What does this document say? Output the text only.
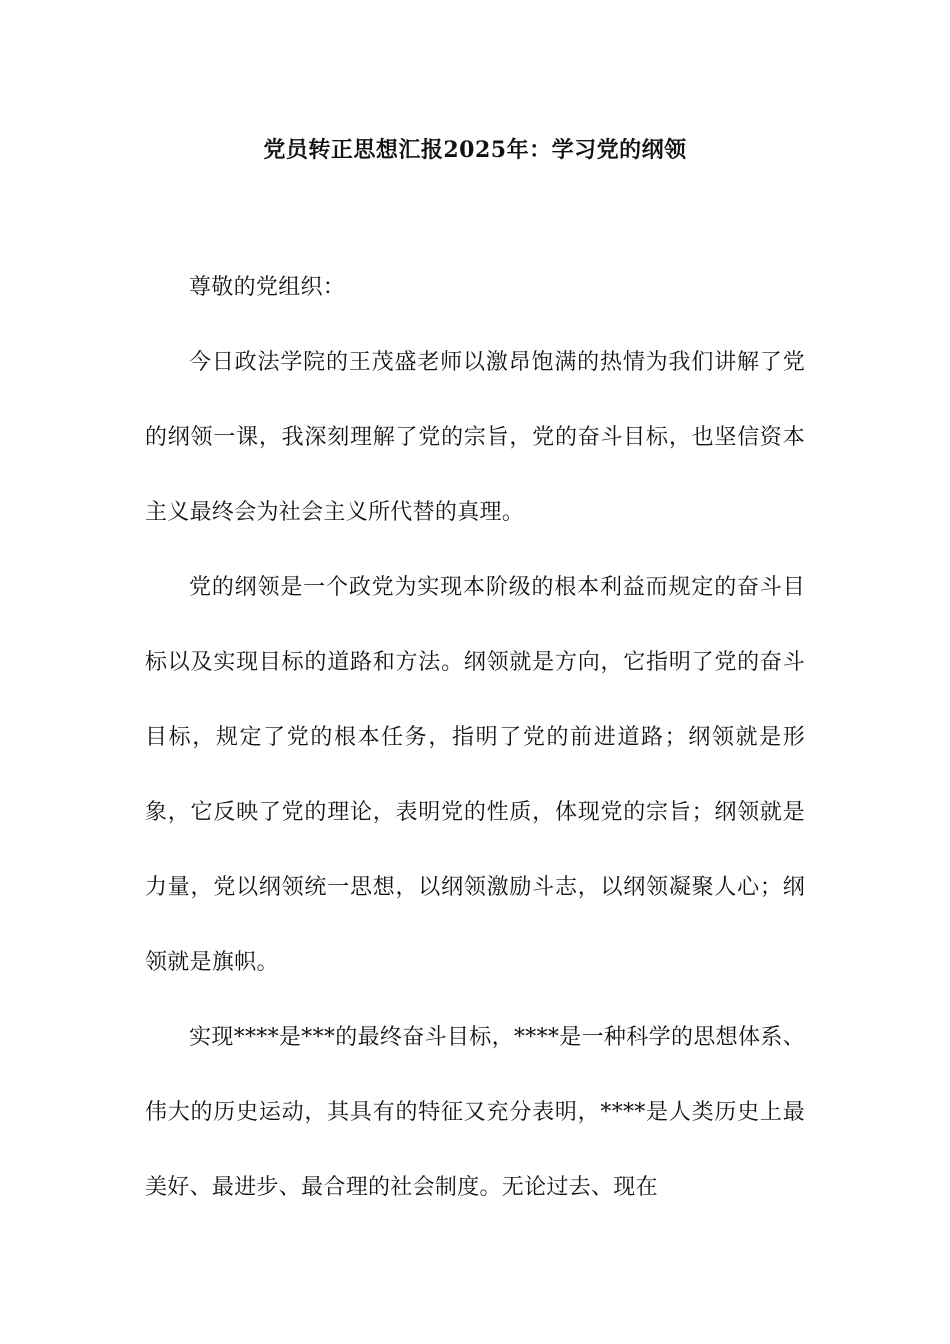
党员转正思想汇报2025年：学习党的纲领

尊敬的党组织：

今日政法学院的王茂盛老师以激昂饱满的热情为我们讲解了党的纲领一课，我深刻理解了党的宗旨，党的奋斗目标，也坚信资本主义最终会为社会主义所代替的真理。

党的纲领是一个政党为实现本阶级的根本利益而规定的奋斗目标以及实现目标的道路和方法。纲领就是方向，它指明了党的奋斗目标，规定了党的根本任务，指明了党的前进道路；纲领就是形象，它反映了党的理论，表明党的性质，体现党的宗旨；纲领就是力量，党以纲领统一思想，以纲领激励斗志，以纲领凝聚人心；纲领就是旗帜。

实现****是***的最终奋斗目标，****是一种科学的思想体系、伟大的历史运动，其具有的特征又充分表明，****是人类历史上最美好、最进步、最合理的社会制度。无论过去、现在
